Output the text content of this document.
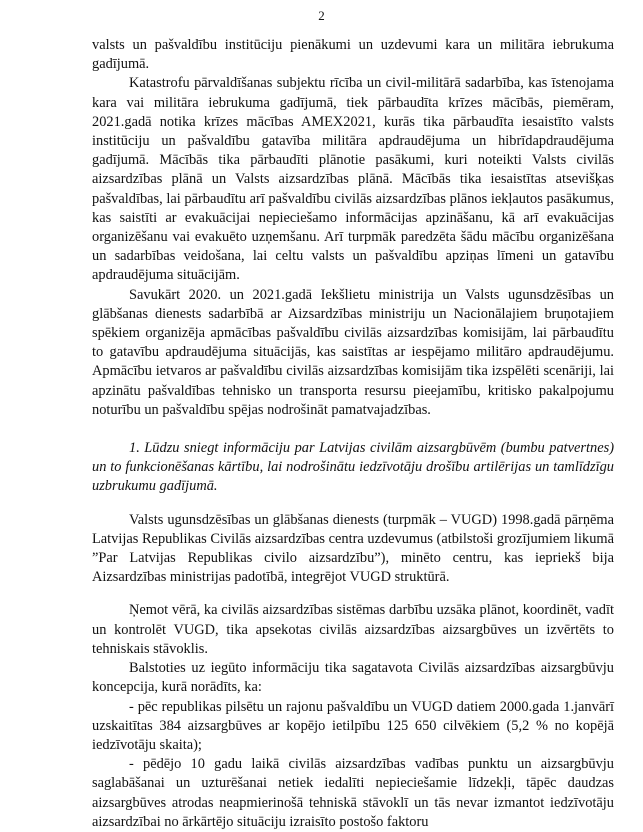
2

valsts un pašvaldību institūciju pienākumi un uzdevumi kara un militāra iebrukuma gadījumā.

Katastrofu pārvaldīšanas subjektu rīcība un civil-militārā sadarbība, kas īstenojama kara vai militāra iebrukuma gadījumā, tiek pārbaudīta krīzes mācībās, piemēram, 2021.gadā notika krīzes mācības AMEX2021, kurās tika pārbaudīta iesaistīto valsts institūciju un pašvaldību gatavība militāra apdraudējuma un hibrīdapdraudējuma gadījumā. Mācībās tika pārbaudīti plānotie pasākumi, kuri noteikti Valsts civilās aizsardzības plānā un Valsts aizsardzības plānā. Mācībās tika iesaistītas atsevišķas pašvaldības, lai pārbaudītu arī pašvaldību civilās aizsardzības plānos iekļautos pasākumus, kas saistīti ar evakuācijai nepieciešamo informācijas apzināšanu, kā arī evakuācijas organizēšanu vai evakuēto uzņemšanu. Arī turpmāk paredzēta šādu mācību organizēšana un sadarbības veidošana, lai celtu valsts un pašvaldību apziņas līmeni un gatavību apdraudējuma situācijām.

Savukārt 2020. un 2021.gadā Iekšlietu ministrija un Valsts ugunsdzēsības un glābšanas dienests sadarbībā ar Aizsardzības ministriju un Nacionālajiem bruņotajiem spēkiem organizēja apmācības pašvaldību civilās aizsardzības komisijām, lai pārbaudītu to gatavību apdraudējuma situācijās, kas saistītas ar iespējamo militāro apdraudējumu. Apmācību ietvaros ar pašvaldību civilās aizsardzības komisijām tika izspēlēti scenāriji, lai apzinātu pašvaldības tehnisko un transporta resursu pieejamību, kritisko pakalpojumu noturību un pašvaldību spējas nodrošināt pamatvajadzības.

1. Lūdzu sniegt informāciju par Latvijas civilām aizsargbūvēm (bumbu patvertnes) un to funkcionēšanas kārtību, lai nodrošinātu iedzīvotāju drošību artilērijas un tamlīdzīgu uzbrukumu gadījumā.

Valsts ugunsdzēsības un glābšanas dienests (turpmāk – VUGD) 1998.gadā pārņēma Latvijas Republikas Civilās aizsardzības centra uzdevumus (atbilstoši grozījumiem likumā ”Par Latvijas Republikas civilo aizsardzību”), minēto centru, kas iepriekš bija Aizsardzības ministrijas padotībā, integrējot VUGD struktūrā.

Ņemot vērā, ka civilās aizsardzības sistēmas darbību uzsāka plānot, koordinēt, vadīt un kontrolēt VUGD, tika apsekotas civilās aizsardzības aizsargbūves un izvērtēts to tehniskais stāvoklis.

Balstoties uz iegūto informāciju tika sagatavota Civilās aizsardzības aizsargbūvju koncepcija, kurā norādīts, ka:

- pēc republikas pilsētu un rajonu pašvaldību un VUGD datiem 2000.gada 1.janvārī uzskaitītas 384 aizsargbūves ar kopējo ietilpību 125 650 cilvēkiem (5,2 % no kopējā iedzīvotāju skaita);

- pēdējo 10 gadu laikā civilās aizsardzības vadības punktu un aizsargbūvju saglabāšanai un uzturēšanai netiek iedalīti nepieciešamie līdzekļi, tāpēc daudzas aizsargbūves atrodas neapmierinošā tehniskā stāvoklī un tās nevar izmantot iedzīvotāju aizsardzībai no ārkārtējo situāciju izraisīto postošo faktoru
